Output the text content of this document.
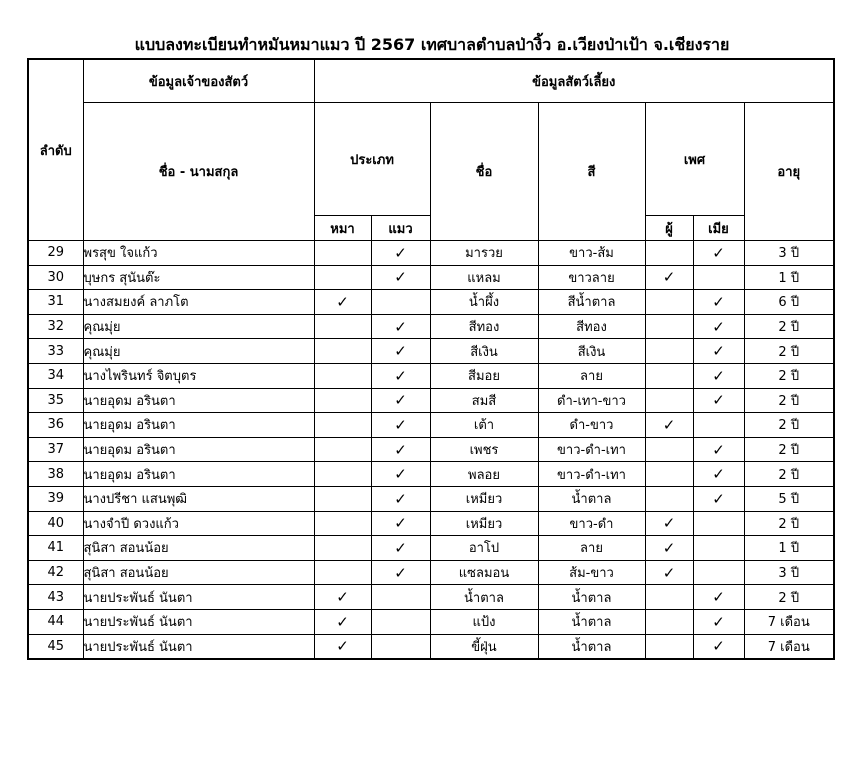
แบบลงทะเบียนทำหมันหมาแมว ปี 2567 เทศบาลตำบลป่างิ้ว อ.เวียงป่าเป้า จ.เชียงราย
ลำดับ	ข้อมูลเจ้าของสัตว์	ข้อมูลสัตว์เลี้ยง						
	ชื่อ - นามสกุล	ประเภท		ชื่อ	สี	เพศ		อายุ
		หมา	แมว			ผู้	เมีย	
29	พรสุข ใจแก้ว		✓	มารวย	ขาว-ส้ม		✓	3 ปี
30	บุษกร สุนันต๊ะ		✓	แหลม	ขาวลาย	✓		1 ปี
31	นางสมยงค์ ลาภโต	✓		น้ำผึ้ง	สีน้ำตาล		✓	6 ปี
32	คุณมุ่ย		✓	สีทอง	สีทอง		✓	2 ปี
33	คุณมุ่ย		✓	สีเงิน	สีเงิน		✓	2 ปี
34	นางไพรินทร์ จิตบุตร		✓	สีมอย	ลาย		✓	2 ปี
35	นายอุดม อรินตา		✓	สมสี	ดำ-เทา-ขาว		✓	2 ปี
36	นายอุดม อรินตา		✓	เต้า	ดำ-ขาว	✓		2 ปี
37	นายอุดม อรินตา		✓	เพชร	ขาว-ดำ-เทา		✓	2 ปี
38	นายอุดม อรินตา		✓	พลอย	ขาว-ดำ-เทา		✓	2 ปี
39	นางปรีชา แสนพุฒิ		✓	เหมียว	น้ำตาล		✓	5 ปี
40	นางจำปี ดวงแก้ว		✓	เหมียว	ขาว-ดำ	✓		2 ปี
41	สุนิสา สอนน้อย		✓	อาโป	ลาย	✓		1 ปี
42	สุนิสา สอนน้อย		✓	แซลมอน	ส้ม-ขาว	✓		3 ปี
43	นายประพันธ์ นันตา	✓		น้ำตาล	น้ำตาล		✓	2 ปี
44	นายประพันธ์ นันตา	✓		แป้ง	น้ำตาล		✓	7 เดือน
45	นายประพันธ์ นันตา	✓		ขี้ฝุ่น	น้ำตาล		✓	7 เดือน
